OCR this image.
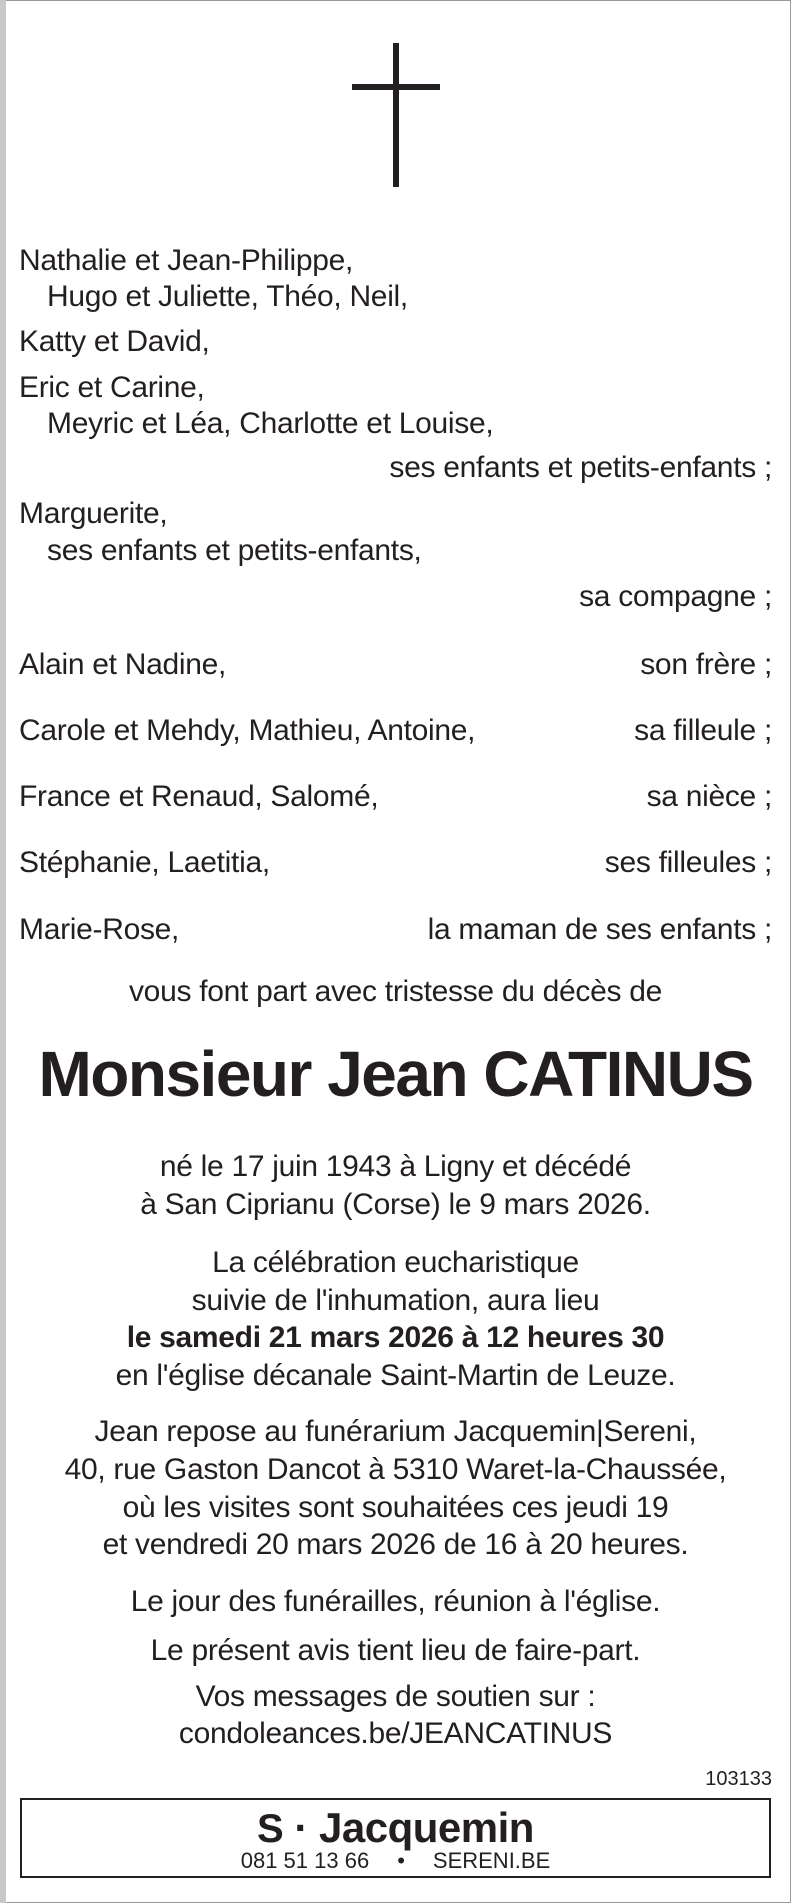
Nathalie et Jean-Philippe,
Hugo et Juliette, Théo, Neil,
Katty et David,
Eric et Carine,
Meyric et Léa, Charlotte et Louise,
ses enfants et petits-enfants ;
Marguerite,
ses enfants et petits-enfants,
sa compagne ;
Alain et Nadine,	son frère ;
Carole et Mehdy, Mathieu, Antoine,	sa filleule ;
France et Renaud, Salomé,	sa nièce ;
Stéphanie, Laetitia,	ses filleules ;
Marie-Rose,	la maman de ses enfants ;
vous font part avec tristesse du décès de
Monsieur Jean CATINUS
né le 17 juin 1943 à Ligny et décédé
à San Ciprianu (Corse) le 9 mars 2026.
La célébration eucharistique
suivie de l'inhumation, aura lieu
le samedi 21 mars 2026 à 12 heures 30
en l'église décanale Saint-Martin de Leuze.
Jean repose au funérarium Jacquemin|Sereni,
40, rue Gaston Dancot à 5310 Waret-la-Chaussée,
où les visites sont souhaitées ces jeudi 19
et vendredi 20 mars 2026 de 16 à 20 heures.
Le jour des funérailles, réunion à l'église.
Le présent avis tient lieu de faire-part.
Vos messages de soutien sur :
condoleances.be/JEANCATINUS
103133
S · Jacquemin
081 51 13 66 • SERENI.BE
